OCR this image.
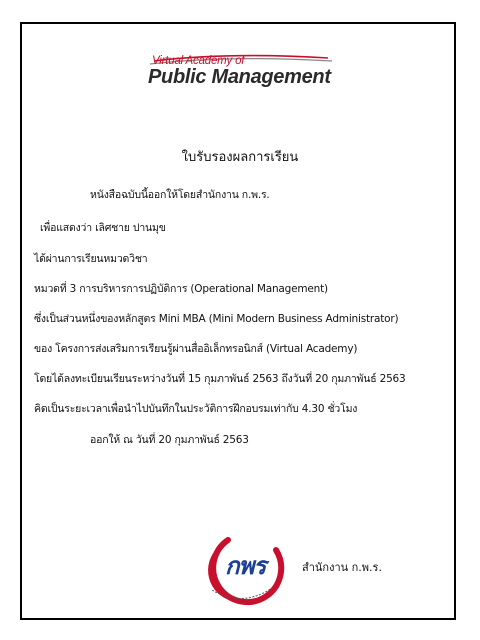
Virtual Academy of
Public Management
ใบรับรองผลการเรียน
หนังสือฉบับนี้ออกให้โดยสำนักงาน ก.พ.ร.
เพื่อแสดงว่า เลิศชาย ปานมุข
ได้ผ่านการเรียนหมวดวิชา
หมวดที่ 3 การบริหารการปฏิบัติการ (Operational Management)
ซึ่งเป็นส่วนหนึ่งของหลักสูตร Mini MBA (Mini Modern Business Administrator)
ของ โครงการส่งเสริมการเรียนรู้ผ่านสื่ออิเล็กทรอนิกส์ (Virtual Academy)
โดยได้ลงทะเบียนเรียนระหว่างวันที่ 15 กุมภาพันธ์ 2563 ถึงวันที่ 20 กุมภาพันธ์ 2563
คิดเป็นระยะเวลาเพื่อนำไปบันทึกในประวัติการฝึกอบรมเท่ากับ 4.30 ชั่วโมง
ออกให้ ณ วันที่ 20 กุมภาพันธ์ 2563
กพร	สำนักงาน ก.พ.ร.
